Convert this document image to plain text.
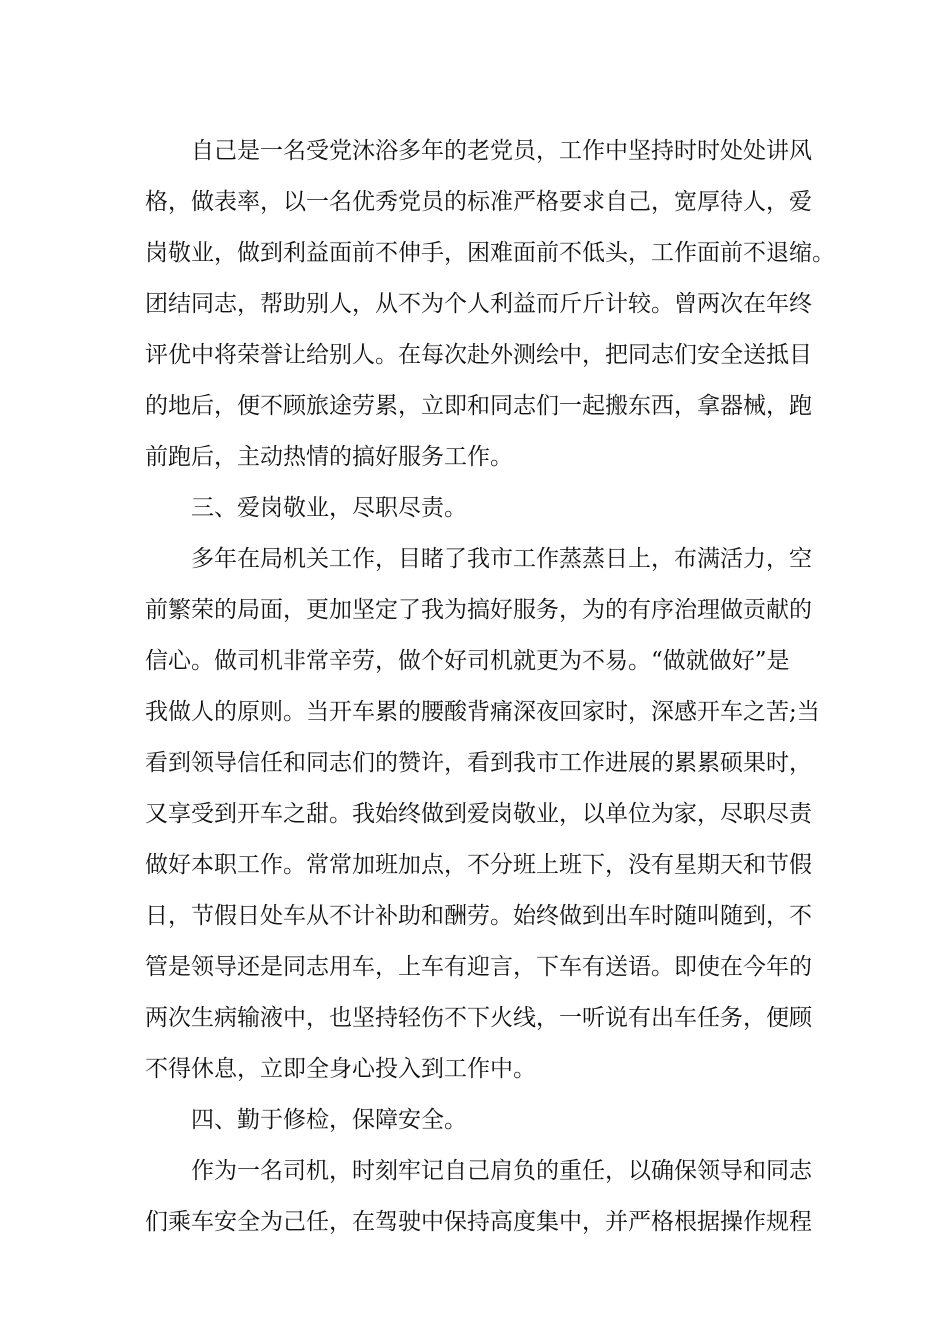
自己是一名受党沐浴多年的老党员，工作中坚持时时处处讲风
格，做表率，以一名优秀党员的标准严格要求自己，宽厚待人，爱
岗敬业，做到利益面前不伸手，困难面前不低头，工作面前不退缩。
团结同志，帮助别人，从不为个人利益而斤斤计较。曾两次在年终
评优中将荣誉让给别人。在每次赴外测绘中，把同志们安全送抵目
的地后，便不顾旅途劳累，立即和同志们一起搬东西，拿器械，跑
前跑后，主动热情的搞好服务工作。
三、爱岗敬业，尽职尽责。
多年在局机关工作，目睹了我市工作蒸蒸日上，布满活力，空
前繁荣的局面，更加坚定了我为搞好服务，为的有序治理做贡献的
信心。做司机非常辛劳，做个好司机就更为不易。“做就做好”是
我做人的原则。当开车累的腰酸背痛深夜回家时，深感开车之苦;当
看到领导信任和同志们的赞许，看到我市工作进展的累累硕果时，
又享受到开车之甜。我始终做到爱岗敬业，以单位为家，尽职尽责
做好本职工作。常常加班加点，不分班上班下，没有星期天和节假
日，节假日处车从不计补助和酬劳。始终做到出车时随叫随到，不
管是领导还是同志用车，上车有迎言，下车有送语。即使在今年的
两次生病输液中，也坚持轻伤不下火线，一听说有出车任务，便顾
不得休息，立即全身心投入到工作中。
四、勤于修检，保障安全。
作为一名司机，时刻牢记自己肩负的重任，以确保领导和同志
们乘车安全为己任，在驾驶中保持高度集中，并严格根据操作规程
